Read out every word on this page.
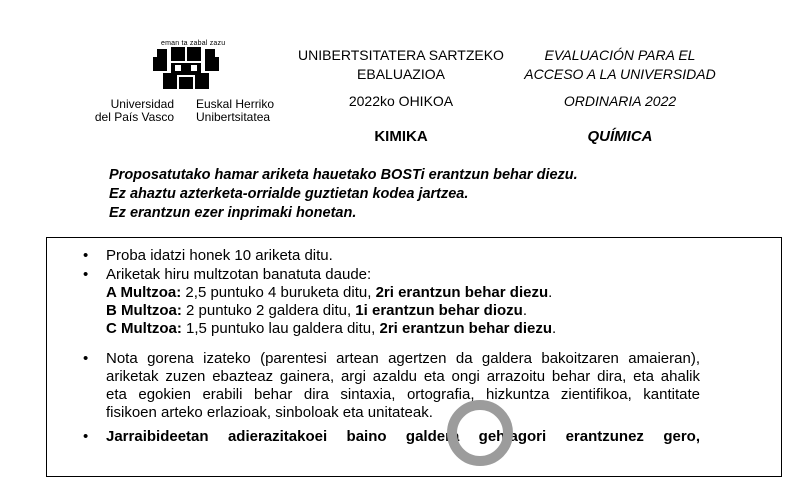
eman ta zabal zazu
Universidad
del País Vasco
Euskal Herriko
Unibertsitatea
UNIBERTSITATERA SARTZEKO
EBALUAZIOA
2022ko OHIKOA
KIMIKA
EVALUACIÓN PARA EL
ACCESO A LA UNIVERSIDAD
ORDINARIA 2022
QUÍMICA
Proposatutako hamar ariketa hauetako BOSTi erantzun behar diezu.
Ez ahaztu azterketa-orrialde guztietan kodea jartzea.
Ez erantzun ezer inprimaki honetan.
• Proba idatzi honek 10 ariketa ditu.
• Ariketak hiru multzotan banatuta daude:
A Multzoa: 2,5 puntuko 4 buruketa ditu, 2ri erantzun behar diezu.
B Multzoa: 2 puntuko 2 galdera ditu, 1i erantzun behar diozu.
C Multzoa: 1,5 puntuko lau galdera ditu, 2ri erantzun behar diezu.
• Nota gorena izateko (parentesi artean agertzen da galdera bakoitzaren amaieran),
ariketak zuzen ebazteaz gainera, argi azaldu eta ongi arrazoitu behar dira, eta ahalik
eta egokien erabili behar dira sintaxia, ortografia, hizkuntza zientifikoa, kantitate
fisikoen arteko erlazioak, sinboloak eta unitateak.
• Jarraibideetan adierazitakoei baino galdera gehiagori erantzunez gero,
